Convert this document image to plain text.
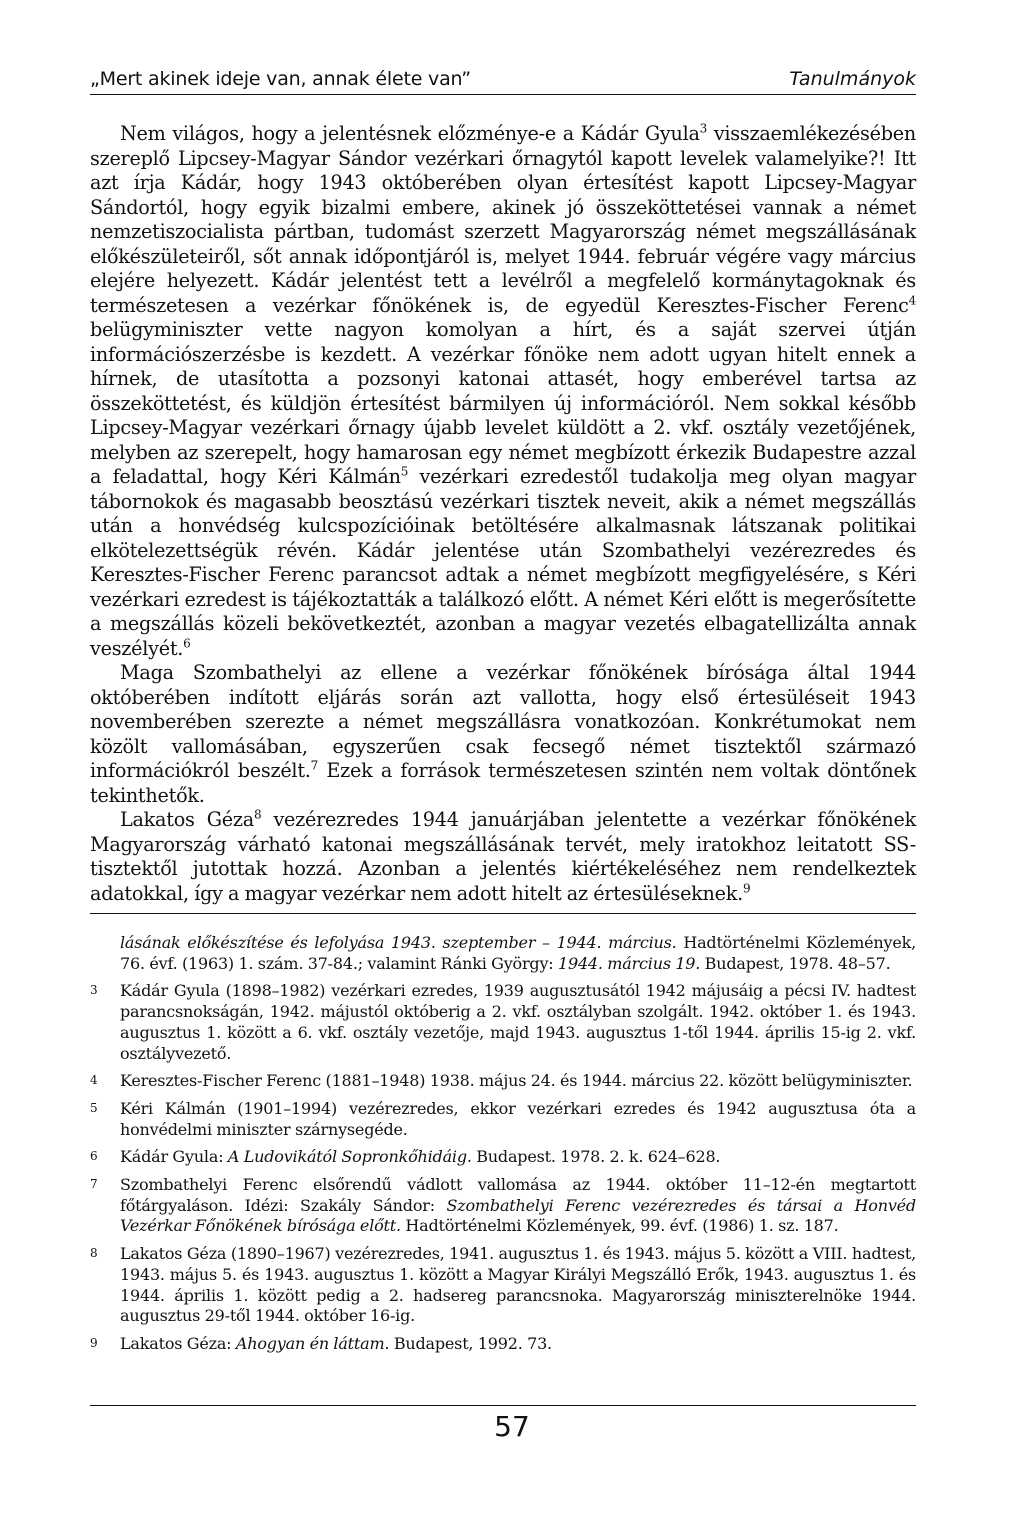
„Mert akinek ideje van, annak élete van”	Tanulmányok

Nem világos, hogy a jelentésnek előzménye-e a Kádár Gyula$^3$ visszaemlékezésében szereplő Lipcsey-Magyar Sándor vezérkari őrnagytól kapott levelek valamelyike?! Itt azt írja Kádár, hogy 1943 októberében olyan értesítést kapott Lipcsey-Magyar Sándortól, hogy egyik bizalmi embere, akinek jó összeköttetései vannak a német nemzetiszocialista pártban, tudomást szerzett Magyarország német megszállásának előkészületeiről, sőt annak időpontjáról is, melyet 1944. február végére vagy március elejére helyezett. Kádár jelentést tett a levélről a megfelelő kormánytagoknak és természetesen a vezérkar főnökének is, de egyedül Keresztes-Fischer Ferenc$^4$ belügyminiszter vette nagyon komolyan a hírt, és a saját szervei útján információszerzésbe is kezdett. A vezérkar főnöke nem adott ugyan hitelt ennek a hírnek, de utasította a pozsonyi katonai attasét, hogy emberével tartsa az összeköttetést, és küldjön értesítést bármilyen új információról. Nem sokkal később Lipcsey-Magyar vezérkari őrnagy újabb levelet küldött a 2. vkf. osztály vezetőjének, melyben az szerepelt, hogy hamarosan egy német megbízott érkezik Budapestre azzal a feladattal, hogy Kéri Kálmán$^5$ vezérkari ezredestől tudakolja meg olyan magyar tábornokok és magasabb beosztású vezérkari tisztek neveit, akik a német megszállás után a honvédség kulcspozícióinak betöltésére alkalmasnak látszanak politikai elkötelezettségük révén. Kádár jelentése után Szombathelyi vezérezredes és Keresztes-Fischer Ferenc parancsot adtak a német megbízott megfigyelésére, s Kéri vezérkari ezredest is tájékoztatták a találkozó előtt. A német Kéri előtt is megerősítette a megszállás közeli bekövetkeztét, azonban a magyar vezetés elbagatellizálta annak veszélyét.$^6$

Maga Szombathelyi az ellene a vezérkar főnökének bírósága által 1944 októberében indított eljárás során azt vallotta, hogy első értesüléseit 1943 novemberében szerezte a német megszállásra vonatkozóan. Konkrétumokat nem közölt vallomásában, egyszerűen csak fecsegő német tisztektől származó információkról beszélt.$^7$ Ezek a források természetesen szintén nem voltak döntőnek tekinthetők.

Lakatos Géza$^8$ vezérezredes 1944 januárjában jelentette a vezérkar főnökének Magyarország várható katonai megszállásának tervét, mely iratokhoz leitatott SS-tisztektől jutottak hozzá. Azonban a jelentés kiértékeléséhez nem rendelkeztek adatokkal, így a magyar vezérkar nem adott hitelt az értesüléseknek.$^9$

lásának előkészítése és lefolyása 1943. szeptember – 1944. március. Hadtörténelmi Közlemények, 76. évf. (1963) 1. szám. 37-84.; valamint Ránki György: 1944. március 19. Budapest, 1978. 48–57.
3	Kádár Gyula (1898–1982) vezérkari ezredes, 1939 augusztusától 1942 májusáig a pécsi IV. hadtest parancsnokságán, 1942. májustól októberig a 2. vkf. osztályban szolgált. 1942. október 1. és 1943. augusztus 1. között a 6. vkf. osztály vezetője, majd 1943. augusztus 1-től 1944. április 15-ig 2. vkf. osztályvezető.
4	Keresztes-Fischer Ferenc (1881–1948) 1938. május 24. és 1944. március 22. között belügyminiszter.
5	Kéri Kálmán (1901–1994) vezérezredes, ekkor vezérkari ezredes és 1942 augusztusa óta a honvédelmi miniszter szárnysegéde.
6	Kádár Gyula: A Ludovikától Sopronkőhidáig. Budapest. 1978. 2. k. 624–628.
7	Szombathelyi Ferenc elsőrendű vádlott vallomása az 1944. október 11–12-én megtartott főtárgyaláson. Idézi: Szakály Sándor: Szombathelyi Ferenc vezérezredes és társai a Honvéd Vezérkar Főnökének bírósága előtt. Hadtörténelmi Közlemények, 99. évf. (1986) 1. sz. 187.
8	Lakatos Géza (1890–1967) vezérezredes, 1941. augusztus 1. és 1943. május 5. között a VIII. hadtest, 1943. május 5. és 1943. augusztus 1. között a Magyar Királyi Megszálló Erők, 1943. augusztus 1. és 1944. április 1. között pedig a 2. hadsereg parancsnoka. Magyarország miniszterelnöke 1944. augusztus 29-től 1944. október 16-ig.
9	Lakatos Géza: Ahogyan én láttam. Budapest, 1992. 73.
57
